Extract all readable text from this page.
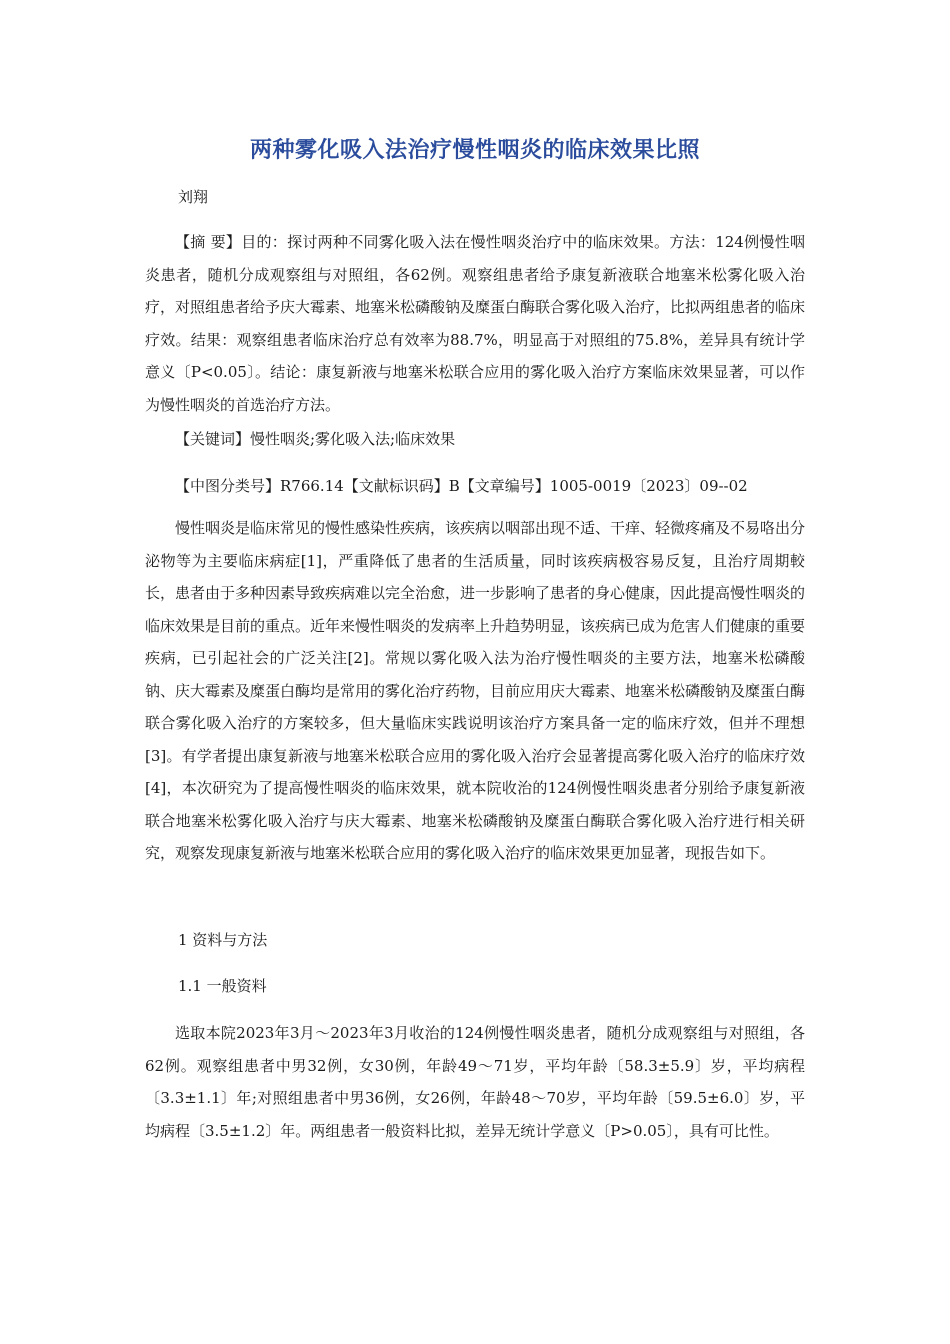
两种雾化吸入法治疗慢性咽炎的临床效果比照
刘翔

【摘 要】目的：探讨两种不同雾化吸入法在慢性咽炎治疗中的临床效果。方法：124例慢性咽炎患者，随机分成观察组与对照组，各62例。观察组患者给予康复新液联合地塞米松雾化吸入治疗，对照组患者给予庆大霉素、地塞米松磷酸钠及糜蛋白酶联合雾化吸入治疗，比拟两组患者的临床疗效。结果：观察组患者临床治疗总有效率为88.7%，明显高于对照组的75.8%，差异具有统计学意义〔P<0.05〕。结论：康复新液与地塞米松联合应用的雾化吸入治疗方案临床效果显著，可以作为慢性咽炎的首选治疗方法。

【关键词】慢性咽炎;雾化吸入法;临床效果

【中图分类号】R766.14【文献标识码】B【文章编号】1005-0019〔2023〕09--02

慢性咽炎是临床常见的慢性感染性疾病，该疾病以咽部出现不适、干痒、轻微疼痛及不易咯出分泌物等为主要临床病症[1]，严重降低了患者的生活质量，同时该疾病极容易反复，且治疗周期較长，患者由于多种因素导致疾病难以完全治愈，进一步影响了患者的身心健康，因此提高慢性咽炎的临床效果是目前的重点。近年来慢性咽炎的发病率上升趋势明显，该疾病已成为危害人们健康的重要疾病，已引起社会的广泛关注[2]。常规以雾化吸入法为治疗慢性咽炎的主要方法，地塞米松磷酸钠、庆大霉素及糜蛋白酶均是常用的雾化治疗药物，目前应用庆大霉素、地塞米松磷酸钠及糜蛋白酶联合雾化吸入治疗的方案较多，但大量临床实践说明该治疗方案具备一定的临床疗效，但并不理想[3]。有学者提出康复新液与地塞米松联合应用的雾化吸入治疗会显著提高雾化吸入治疗的临床疗效[4]，本次研究为了提高慢性咽炎的临床效果，就本院收治的124例慢性咽炎患者分别给予康复新液联合地塞米松雾化吸入治疗与庆大霉素、地塞米松磷酸钠及糜蛋白酶联合雾化吸入治疗进行相关研究，观察发现康复新液与地塞米松联合应用的雾化吸入治疗的临床效果更加显著，现报告如下。

1 资料与方法
1.1 一般资料

选取本院2023年3月～2023年3月收治的124例慢性咽炎患者，随机分成观察组与对照组，各62例。观察组患者中男32例，女30例，年龄49～71岁，平均年龄〔58.3±5.9〕岁，平均病程〔3.3±1.1〕年;对照组患者中男36例，女26例，年龄48～70岁，平均年龄〔59.5±6.0〕岁，平均病程〔3.5±1.2〕年。两组患者一般资料比拟，差异无统计学意义〔P>0.05〕，具有可比性。
